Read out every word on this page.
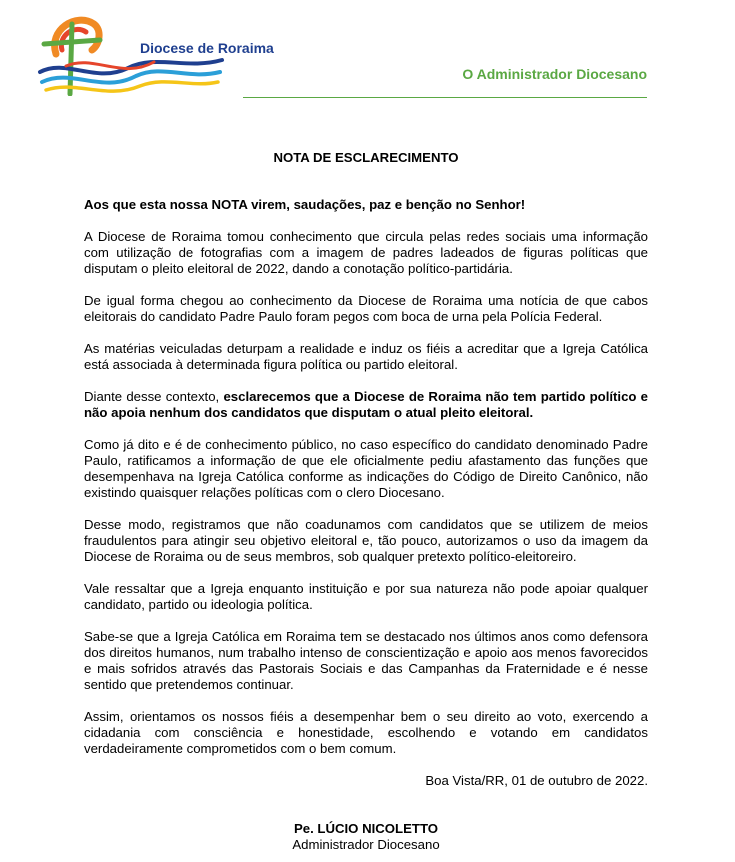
Diocese de Roraima
O Administrador Diocesano
NOTA DE ESCLARECIMENTO
Aos que esta nossa NOTA virem, saudações, paz e benção no Senhor!

A Diocese de Roraima tomou conhecimento que circula pelas redes sociais uma informação com utilização de fotografias com a imagem de padres ladeados de figuras políticas que disputam o pleito eleitoral de 2022, dando a conotação político-partidária.

De igual forma chegou ao conhecimento da Diocese de Roraima uma notícia de que cabos eleitorais do candidato Padre Paulo foram pegos com boca de urna pela Polícia Federal.

As matérias veiculadas deturpam a realidade e induz os fiéis a acreditar que a Igreja Católica está associada à determinada figura política ou partido eleitoral.

Diante desse contexto, esclarecemos que a Diocese de Roraima não tem partido político e não apoia nenhum dos candidatos que disputam o atual pleito eleitoral.

Como já dito e é de conhecimento público, no caso específico do candidato denominado Padre Paulo, ratificamos a informação de que ele oficialmente pediu afastamento das funções que desempenhava na Igreja Católica conforme as indicações do Código de Direito Canônico, não existindo quaisquer relações políticas com o clero Diocesano.

Desse modo, registramos que não coadunamos com candidatos que se utilizem de meios fraudulentos para atingir seu objetivo eleitoral e, tão pouco, autorizamos o uso da imagem da Diocese de Roraima ou de seus membros, sob qualquer pretexto político-eleitoreiro.

Vale ressaltar que a Igreja enquanto instituição e por sua natureza não pode apoiar qualquer candidato, partido ou ideologia política.

Sabe-se que a Igreja Católica em Roraima tem se destacado nos últimos anos como defensora dos direitos humanos, num trabalho intenso de conscientização e apoio aos menos favorecidos e mais sofridos através das Pastorais Sociais e das Campanhas da Fraternidade e é nesse sentido que pretendemos continuar.

Assim, orientamos os nossos fiéis a desempenhar bem o seu direito ao voto, exercendo a cidadania com consciência e honestidade, escolhendo e votando em candidatos verdadeiramente comprometidos com o bem comum.

Boa Vista/RR, 01 de outubro de 2022.
Pe. LÚCIO NICOLETTO
Administrador Diocesano
